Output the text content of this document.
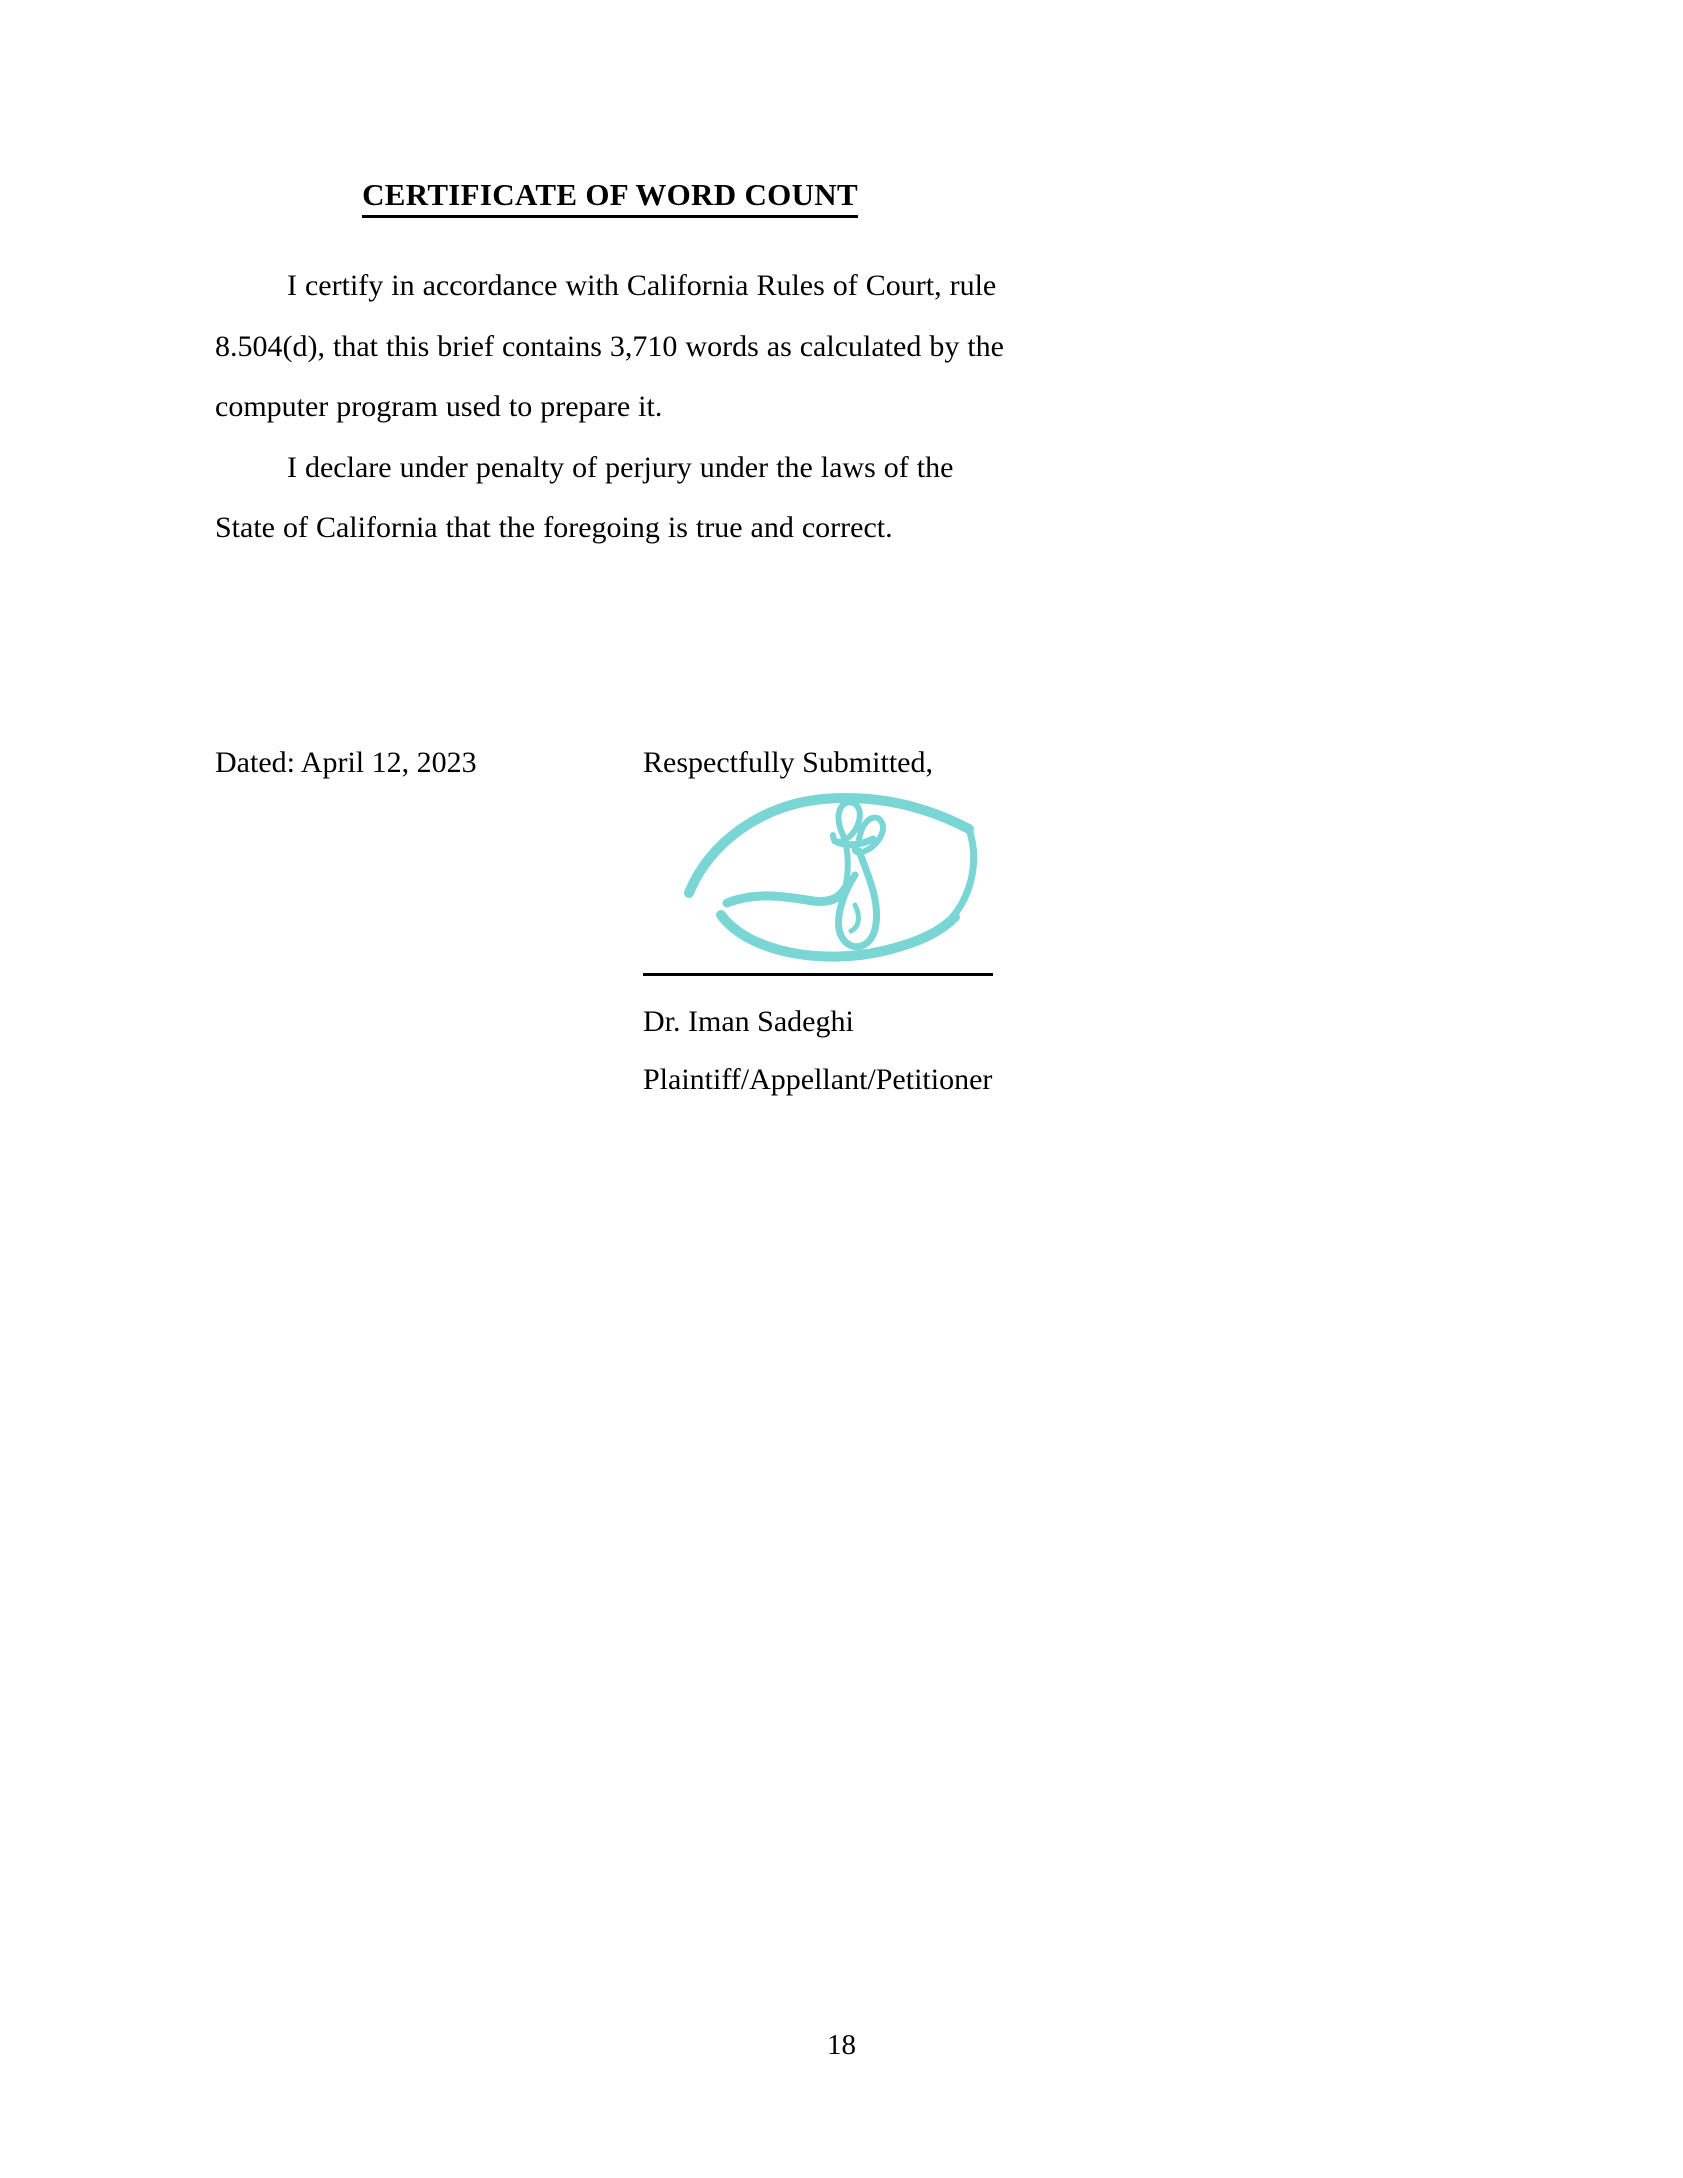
CERTIFICATE OF WORD COUNT

I certify in accordance with California Rules of Court, rule 8.504(d), that this brief contains 3,710 words as calculated by the computer program used to prepare it.

I declare under penalty of perjury under the laws of the State of California that the foregoing is true and correct.

Dated: April 12, 2023	Respectfully Submitted,

Dr. Iman Sadeghi
Plaintiff/Appellant/Petitioner
18
